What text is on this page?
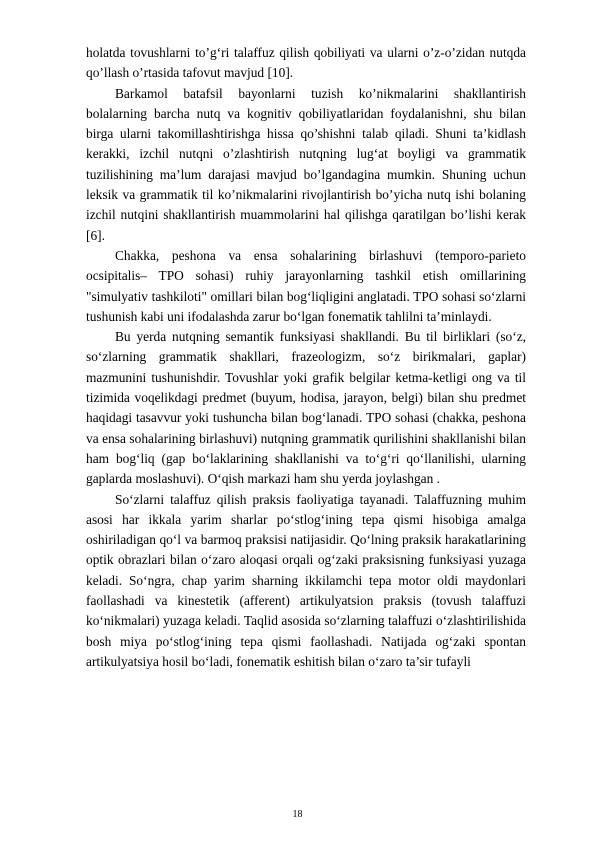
holatda tovushlarni to’g‘ri talaffuz qilish qobiliyati va ularni o’z-o’zidan nutqda qo’llash o’rtasida tafovut mavjud [10].

Barkamol batafsil bayonlarni tuzish ko’nikmalarini shakllantirish bolalarning barcha nutq va kognitiv qobiliyatlaridan foydalanishni, shu bilan birga ularni takomillashtirishga hissa qo’shishni talab qiladi. Shuni ta’kidlash kerakki, izchil nutqni o’zlashtirish nutqning lug‘at boyligi va grammatik tuzilishining ma’lum darajasi mavjud bo’lgandagina mumkin. Shuning uchun leksik va grammatik til ko’nikmalarini rivojlantirish bo’yicha nutq ishi bolaning izchil nutqini shakllantirish muammolarini hal qilishga qaratilgan bo’lishi kerak [6].

Chakka, peshona va ensa sohalarining birlashuvi (temporo-parieto ocsipitalis– TPO sohasi) ruhiy jarayonlarning tashkil etish omillarining "simulyativ tashkiloti" omillari bilan bog‘liqligini anglatadi. TPO sohasi so‘zlarni tushunish kabi uni ifodalashda zarur bo‘lgan fonematik tahlilni ta’minlaydi.

Bu yerda nutqning semantik funksiyasi shakllandi. Bu til birliklari (so‘z, so‘zlarning grammatik shakllari, frazeologizm, so‘z birikmalari, gaplar) mazmunini tushunishdir. Tovushlar yoki grafik belgilar ketma-ketligi ong va til tizimida voqelikdagi predmet (buyum, hodisa, jarayon, belgi) bilan shu predmet haqidagi tasavvur yoki tushuncha bilan bog‘lanadi. TPO sohasi (chakka, peshona va ensa sohalarining birlashuvi) nutqning grammatik qurilishini shakllanishi bilan ham bog‘liq (gap bo‘laklarining shakllanishi va to‘g‘ri qo‘llanilishi, ularning gaplarda moslashuvi). O‘qish markazi ham shu yerda joylashgan .

So‘zlarni talaffuz qilish praksis faoliyatiga tayanadi. Talaffuzning muhim asosi har ikkala yarim sharlar po‘stlog‘ining tepa qismi hisobiga amalga oshiriladigan qo‘l va barmoq praksisi natijasidir. Qo‘lning praksik harakatlarining optik obrazlari bilan o‘zaro aloqasi orqali og‘zaki praksisning funksiyasi yuzaga keladi. So‘ngra, chap yarim sharning ikkilamchi tepa motor oldi maydonlari faollashadi va kinestetik (afferent) artikulyatsion praksis (tovush talaffuzi ko‘nikmalari) yuzaga keladi. Taqlid asosida so‘zlarning talaffuzi o‘zlashtirilishida bosh miya po‘stlog‘ining tepa qismi faollashadi. Natijada og‘zaki spontan artikulyatsiya hosil bo‘ladi, fonematik eshitish bilan o‘zaro ta’sir tufayli

18
